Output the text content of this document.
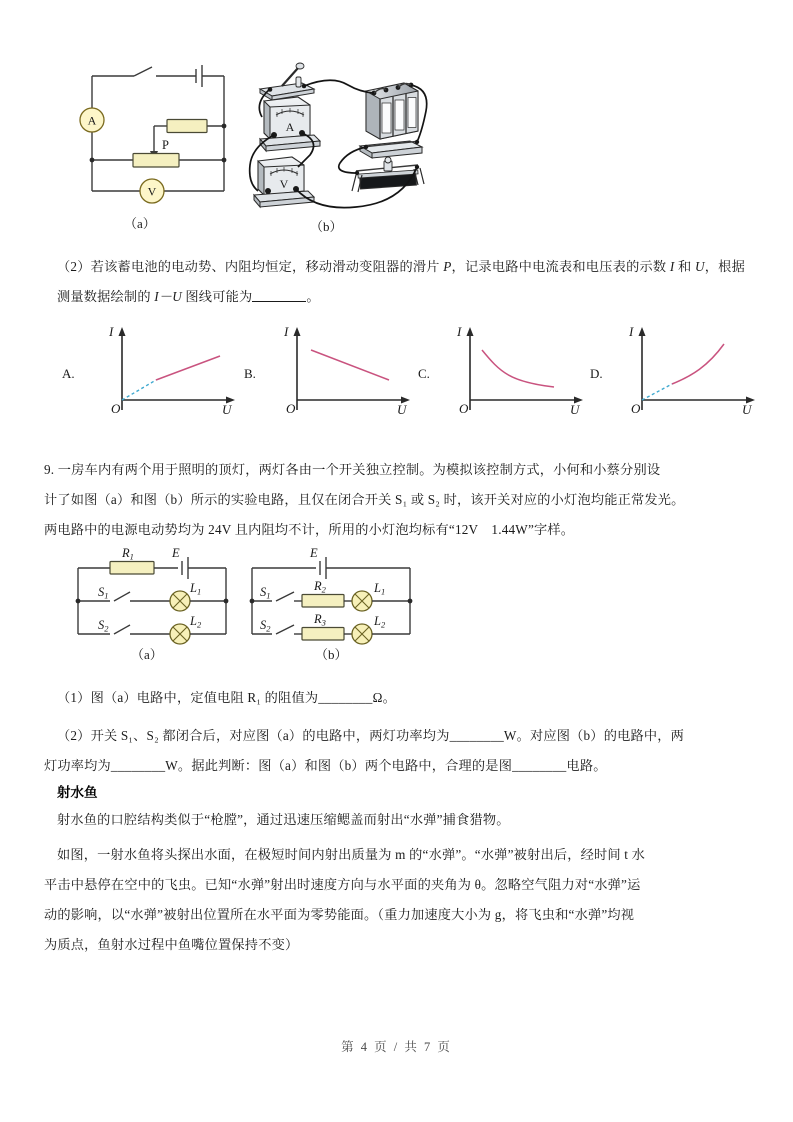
A
V
P
A
V
（a）	（b）
（2）若该蓄电池的电动势、内阻均恒定，移动滑动变阻器的滑片 P，记录电路中电流表和电压表的示数 I 和 U，根据测量数据绘制的 I－U 图线可能为	。
A.
I
O	U
B.
I
O	U
C.
I
O	U
D.
I
O	U
9. 一房车内有两个用于照明的顶灯，两灯各由一个开关独立控制。为模拟该控制方式，小何和小蔡分别设
计了如图（a）和图（b）所示的实验电路，且仅在闭合开关 S₁ 或 S₂ 时，该开关对应的小灯泡均能正常发光。
两电路中的电源电动势均为 24V 且内阻均不计，所用的小灯泡均标有“12V　1.44W”字样。
$R_1$	E
$S_1$
$S_2$
$L_1$
$L_2$
（a）
E
$S_1$
$S_2$
$R_2$
$R_3$
$L_1$
$L_2$
（b）
（1）图（a）电路中，定值电阻 R₁ 的阻值为________Ω。
（2）开关 S₁、S₂ 都闭合后，对应图（a）的电路中，两灯功率均为________W。对应图（b）的电路中，两
灯功率均为________W。据此判断：图（a）和图（b）两个电路中，合理的是图________电路。
射水鱼
射水鱼的口腔结构类似于“枪膛”，通过迅速压缩鳃盖而射出“水弹”捕食猎物。
如图，一射水鱼将头探出水面，在极短时间内射出质量为 m 的“水弹”。“水弹”被射出后，经时间 t 水
平击中悬停在空中的飞虫。已知“水弹”射出时速度方向与水平面的夹角为 θ。忽略空气阻力对“水弹”运
动的影响，以“水弹”被射出位置所在水平面为零势能面。（重力加速度大小为 g，将飞虫和“水弹”均视
为质点，鱼射水过程中鱼嘴位置保持不变）
第 4 页 / 共 7 页
